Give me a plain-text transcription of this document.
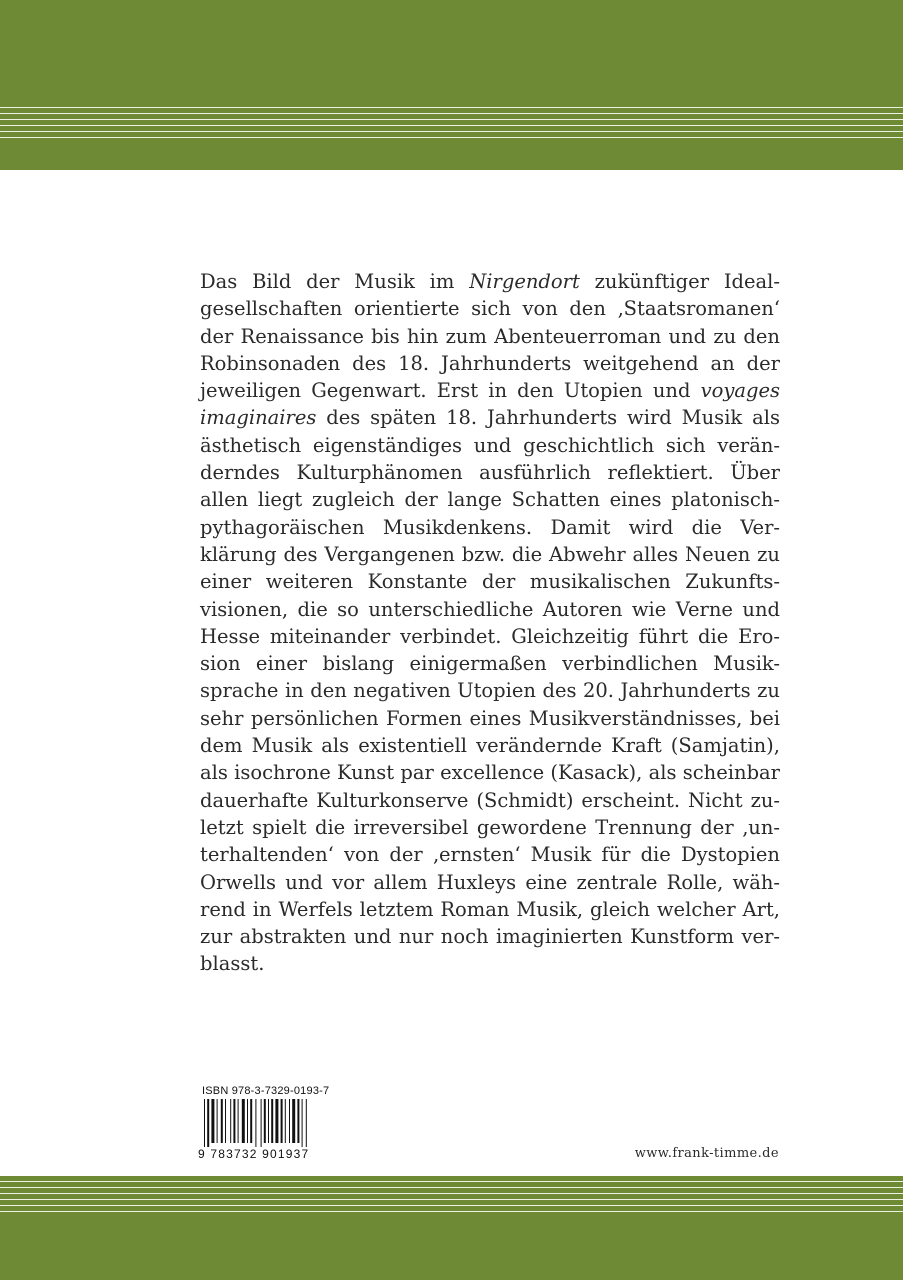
Das Bild der Musik im Nirgendort zukünftiger Ideal-
gesellschaften orientierte sich von den ‚Staatsromanen‘
der Renaissance bis hin zum Abenteuerroman und zu den
Robinsonaden des 18. Jahrhunderts weitgehend an der
jeweiligen Gegenwart. Erst in den Utopien und voyages
imaginaires des späten 18. Jahrhunderts wird Musik als
ästhetisch eigenständiges und geschichtlich sich verän-
derndes Kulturphänomen ausführlich reflektiert. Über
allen liegt zugleich der lange Schatten eines platonisch-
pythagoräischen Musikdenkens. Damit wird die Ver-
klärung des Vergangenen bzw. die Abwehr alles Neuen zu
einer weiteren Konstante der musikalischen Zukunfts-
visionen, die so unterschiedliche Autoren wie Verne und
Hesse miteinander verbindet. Gleichzeitig führt die Ero-
sion einer bislang einigermaßen verbindlichen Musik-
sprache in den negativen Utopien des 20. Jahrhunderts zu
sehr persönlichen Formen eines Musikverständnisses, bei
dem Musik als existentiell verändernde Kraft (Samjatin),
als isochrone Kunst par excellence (Kasack), als scheinbar
dauerhafte Kulturkonserve (Schmidt) erscheint. Nicht zu-
letzt spielt die irreversibel gewordene Trennung der ‚un-
terhaltenden‘ von der ‚ernsten‘ Musik für die Dystopien
Orwells und vor allem Huxleys eine zentrale Rolle, wäh-
rend in Werfels letztem Roman Musik, gleich welcher Art,
zur abstrakten und nur noch imaginierten Kunstform ver-
blasst.
ISBN 978-3-7329-0193-7
9 783732 901937	www.frank-timme.de
